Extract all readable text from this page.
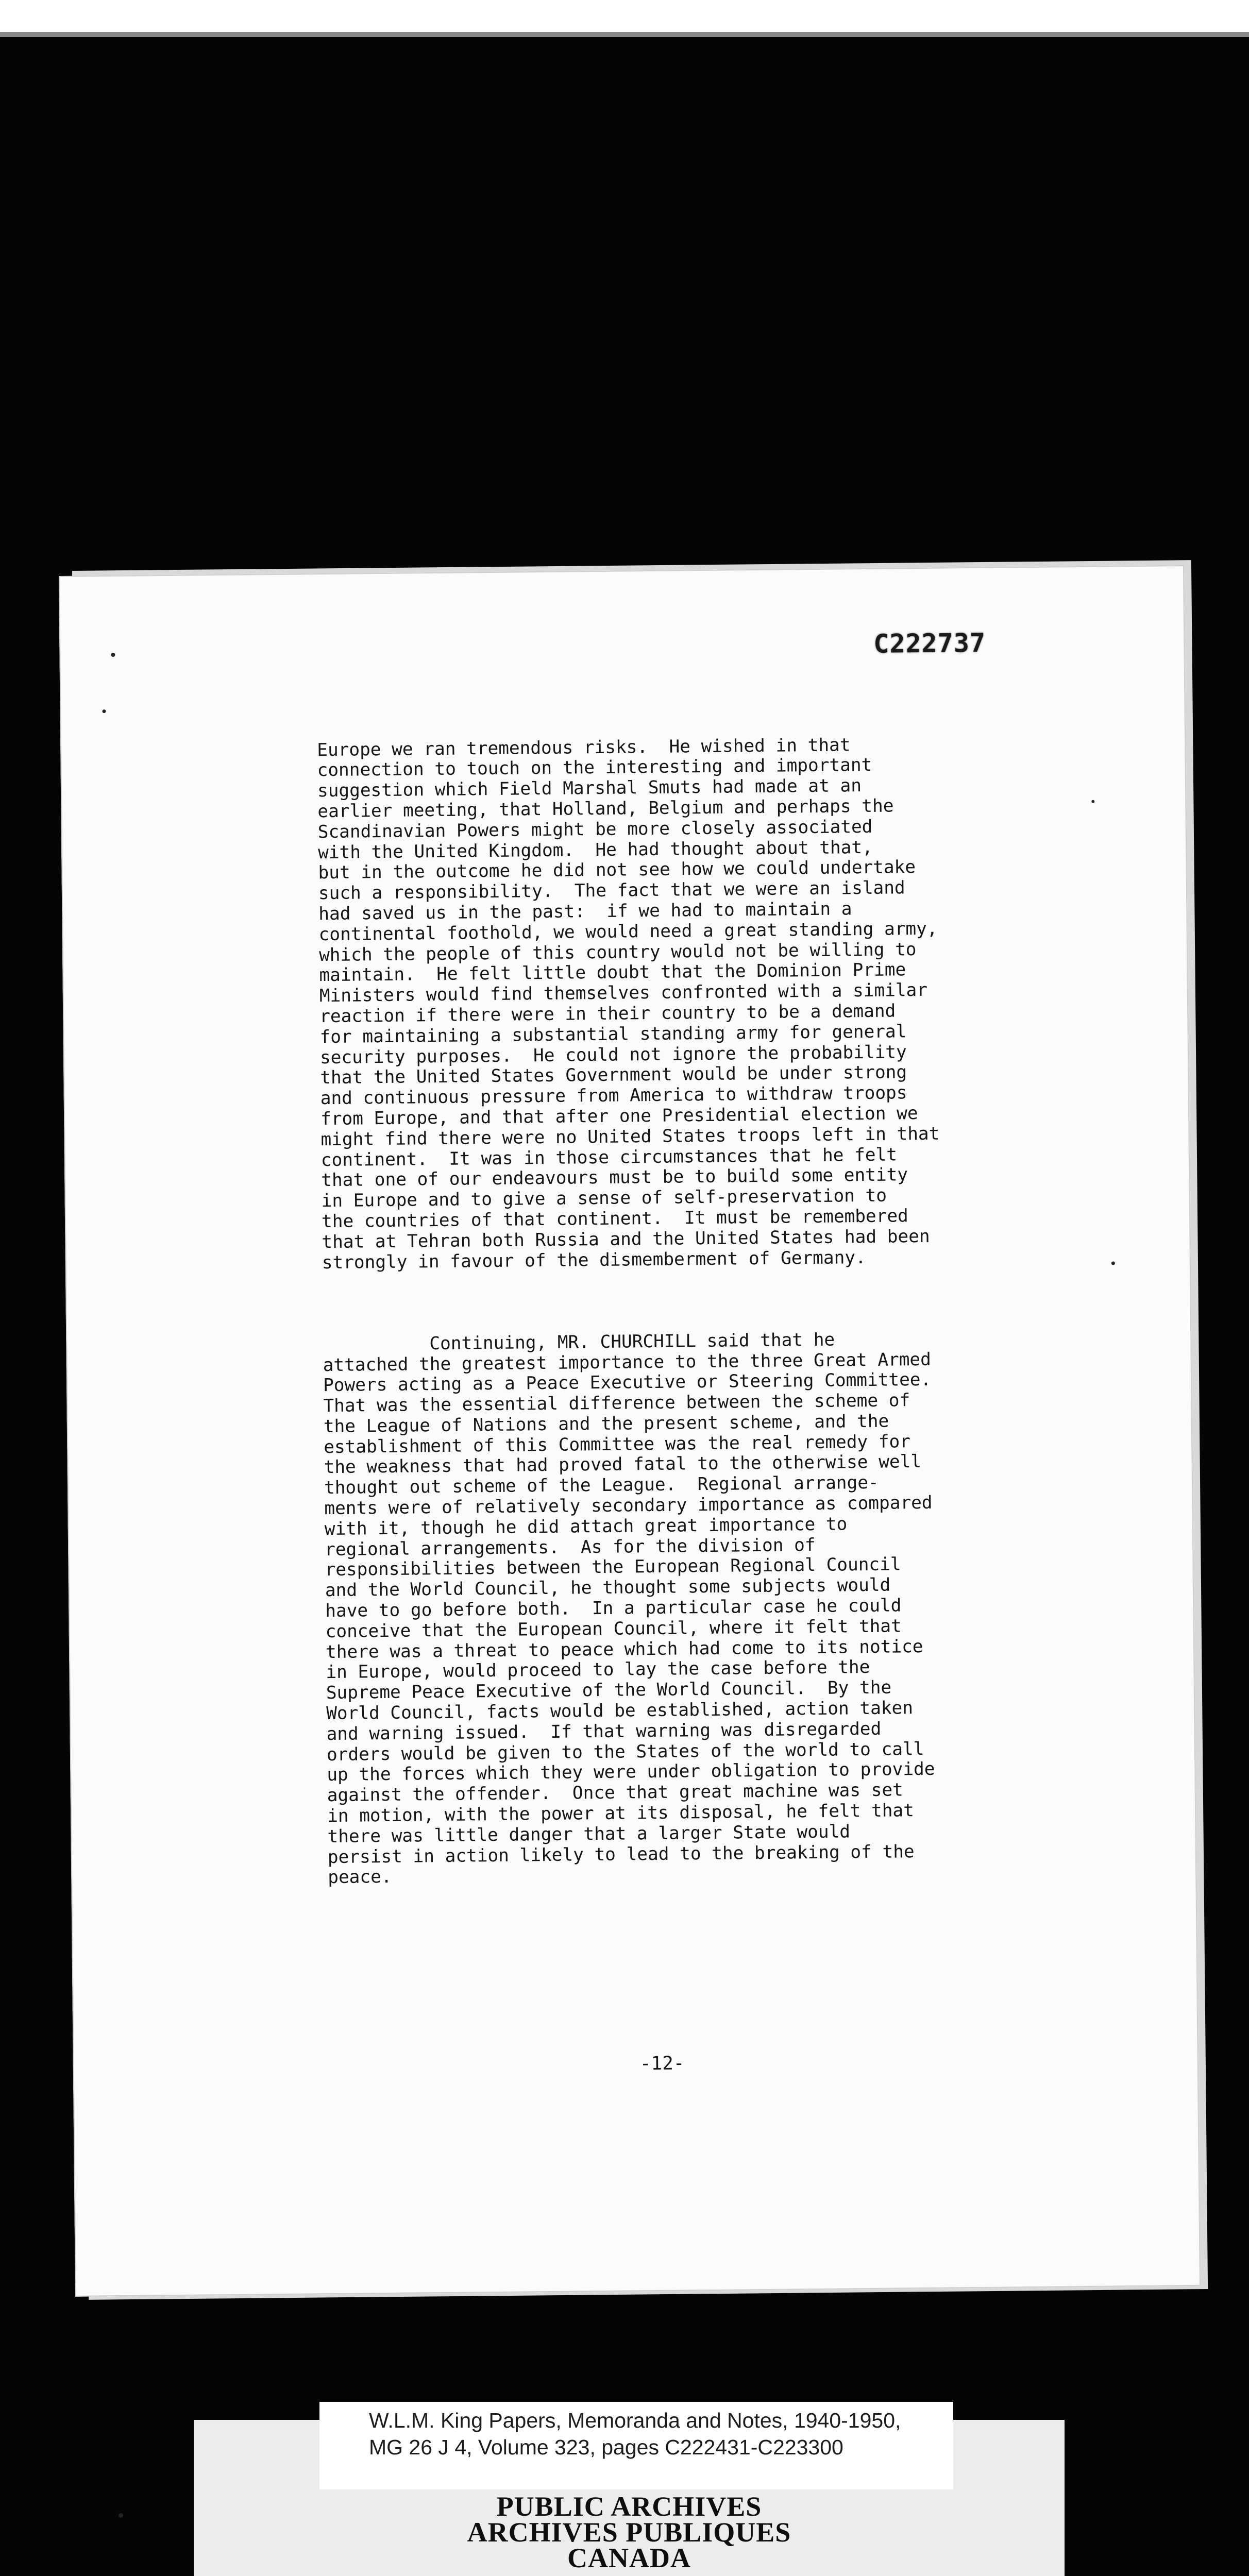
C222737

Europe we ran tremendous risks.  He wished in that
connection to touch on the interesting and important
suggestion which Field Marshal Smuts had made at an
earlier meeting, that Holland, Belgium and perhaps the
Scandinavian Powers might be more closely associated
with the United Kingdom.  He had thought about that,
but in the outcome he did not see how we could undertake
such a responsibility.  The fact that we were an island
had saved us in the past:  if we had to maintain a
continental foothold, we would need a great standing army,
which the people of this country would not be willing to
maintain.  He felt little doubt that the Dominion Prime
Ministers would find themselves confronted with a similar
reaction if there were in their country to be a demand
for maintaining a substantial standing army for general
security purposes.  He could not ignore the probability
that the United States Government would be under strong
and continuous pressure from America to withdraw troops
from Europe, and that after one Presidential election we
might find there were no United States troops left in that
continent.  It was in those circumstances that he felt
that one of our endeavours must be to build some entity
in Europe and to give a sense of self-preservation to
the countries of that continent.  It must be remembered
that at Tehran both Russia and the United States had been
strongly in favour of the dismemberment of Germany.

Continuing, MR. CHURCHILL said that he
attached the greatest importance to the three Great Armed
Powers acting as a Peace Executive or Steering Committee.
That was the essential difference between the scheme of
the League of Nations and the present scheme, and the
establishment of this Committee was the real remedy for
the weakness that had proved fatal to the otherwise well
thought out scheme of the League.  Regional arrange-
ments were of relatively secondary importance as compared
with it, though he did attach great importance to
regional arrangements.  As for the division of
responsibilities between the European Regional Council
and the World Council, he thought some subjects would
have to go before both.  In a particular case he could
conceive that the European Council, where it felt that
there was a threat to peace which had come to its notice
in Europe, would proceed to lay the case before the
Supreme Peace Executive of the World Council.  By the
World Council, facts would be established, action taken
and warning issued.  If that warning was disregarded
orders would be given to the States of the world to call
up the forces which they were under obligation to provide
against the offender.  Once that great machine was set
in motion, with the power at its disposal, he felt that
there was little danger that a larger State would
persist in action likely to lead to the breaking of the
peace.

-12-
W.L.M. King Papers, Memoranda and Notes, 1940-1950,
MG 26 J 4, Volume 323, pages C222431-C223300
PUBLIC ARCHIVES
ARCHIVES PUBLIQUES
CANADA
